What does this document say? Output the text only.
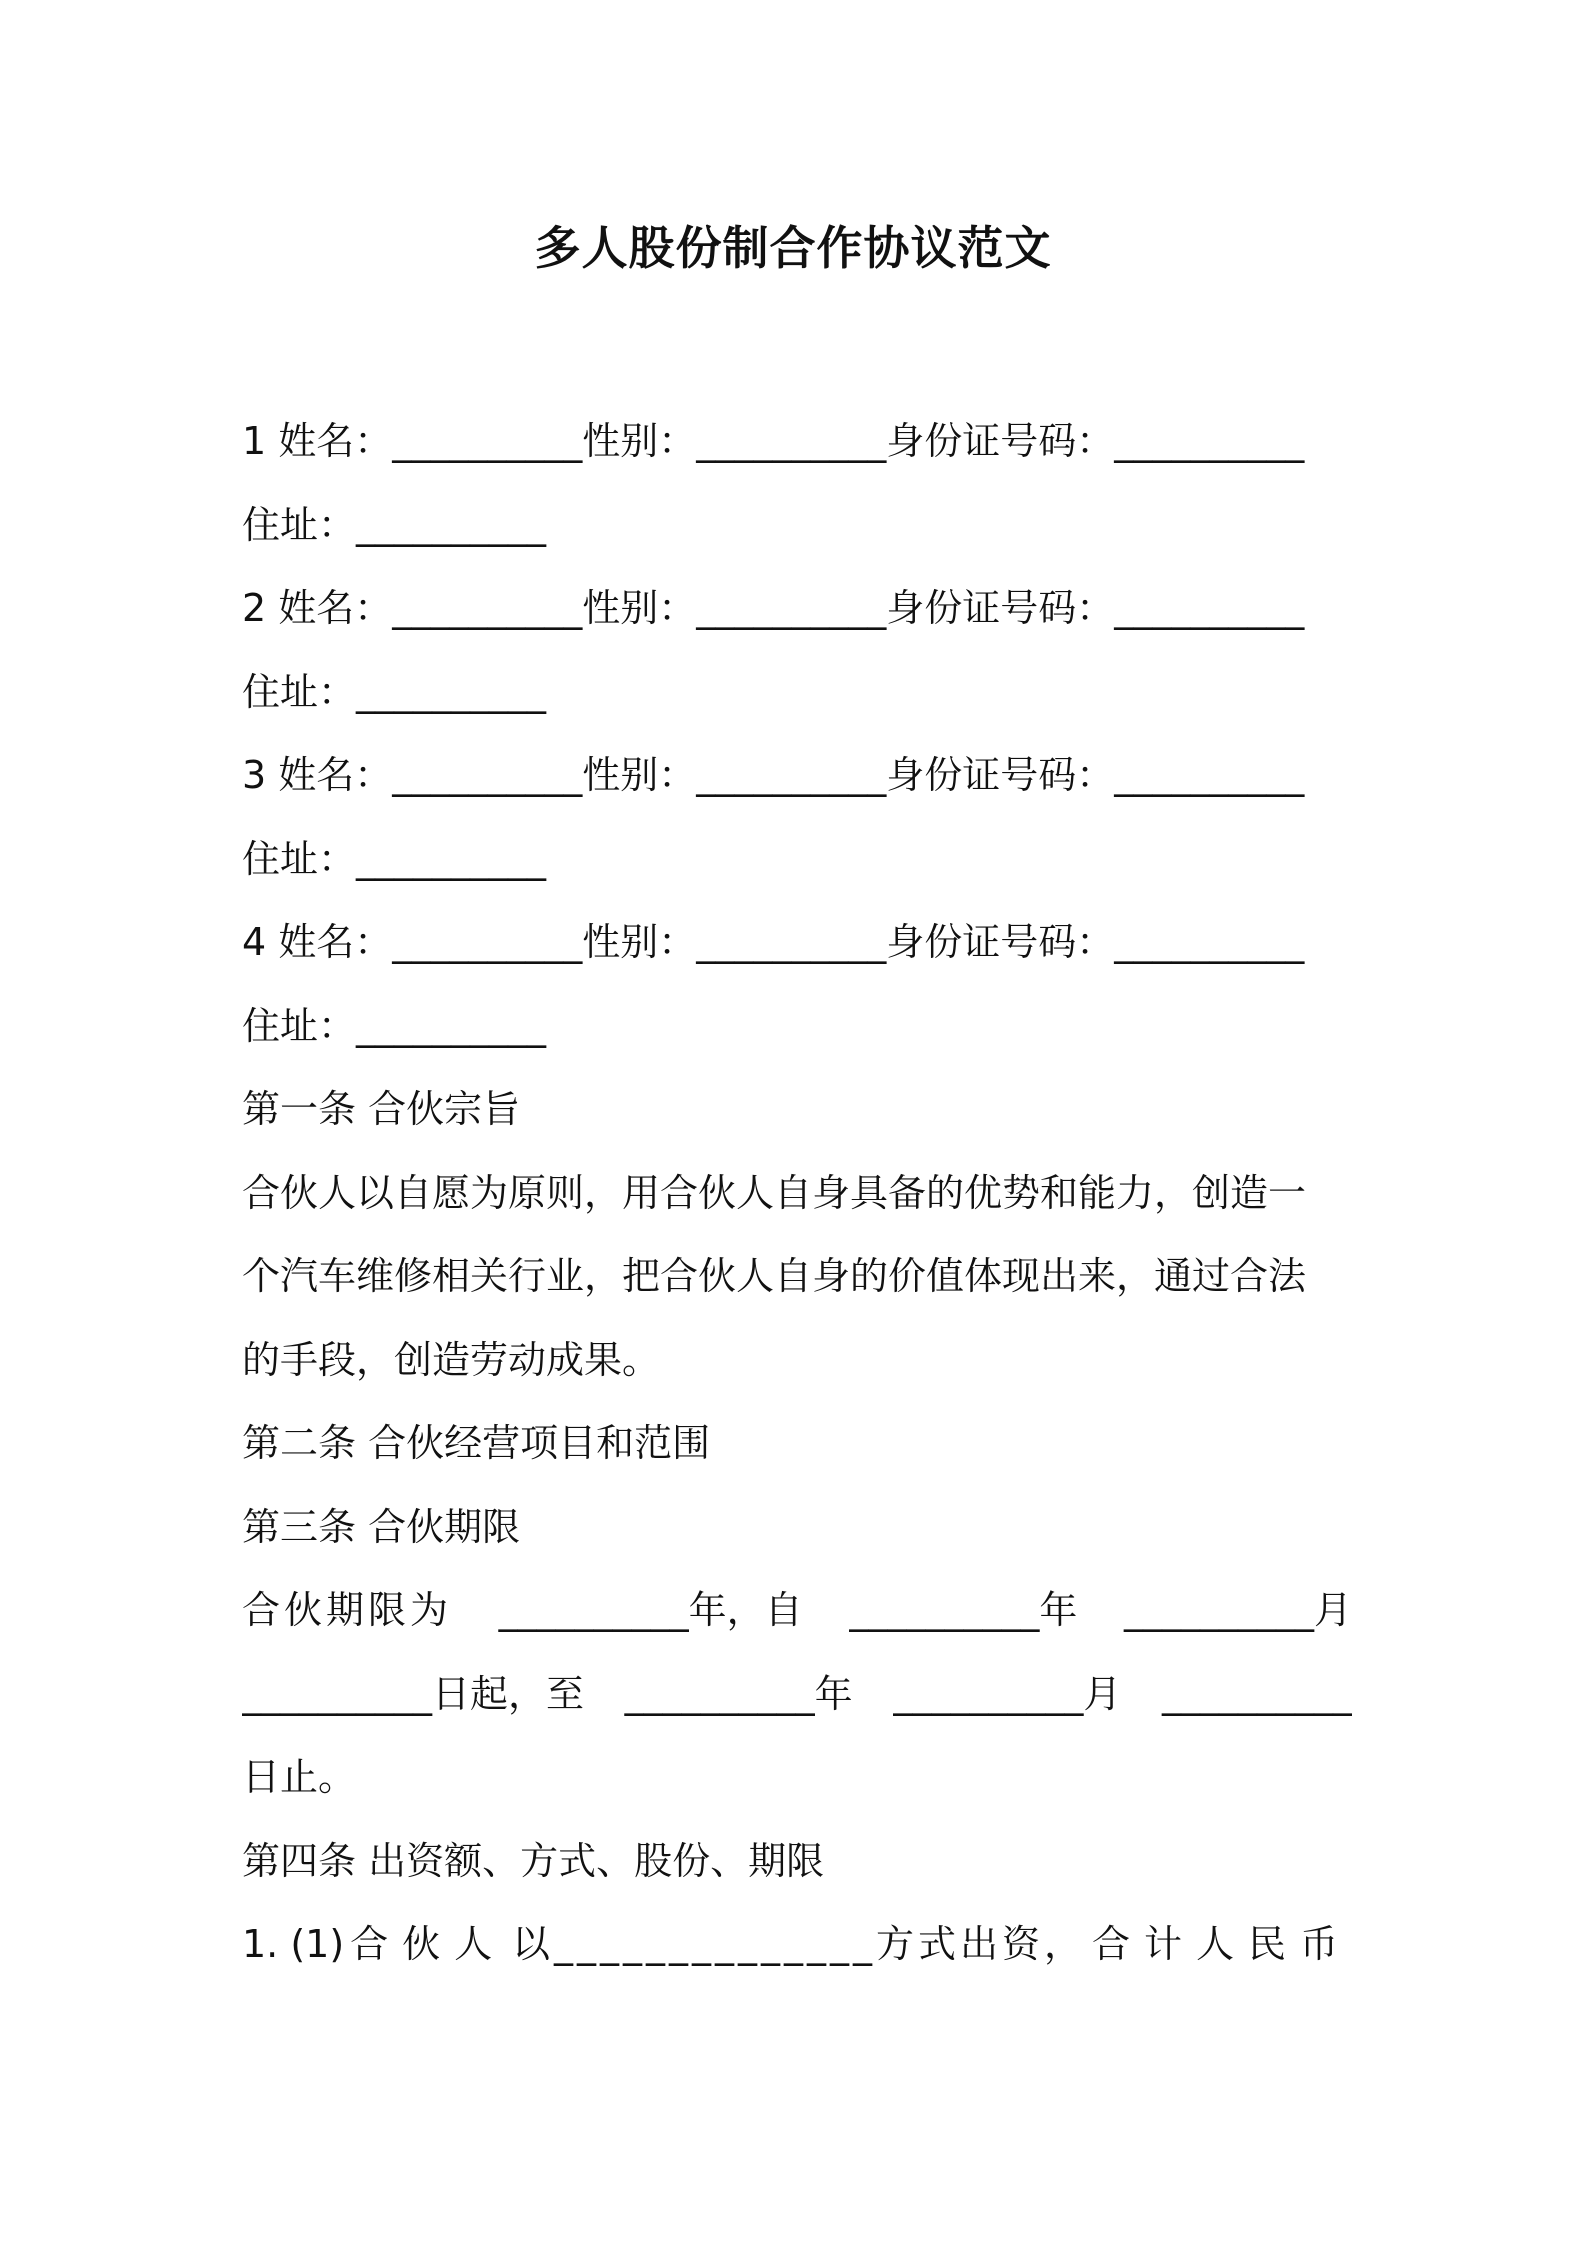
多人股份制合作协议范文
1 姓名：__________性别：__________身份证号码：__________
住址：__________
2 姓名：__________性别：__________身份证号码：__________
住址：__________
3 姓名：__________性别：__________身份证号码：__________
住址：__________
4 姓名：__________性别：__________身份证号码：__________
住址：__________
第一条 合伙宗旨
合伙人以自愿为原则，用合伙人自身具备的优势和能力，创造一
个汽车维修相关行业，把合伙人自身的价值体现出来，通过合法
的手段，创造劳动成果。
第二条 合伙经营项目和范围
第三条 合伙期限
合伙期限为 __________年，自 __________年 __________月
__________日起，至 __________年 __________月 __________
日止。
第四条 出资额、方式、股份、期限
1. (1) 合伙人 以______________方式出资， 合计人民币
